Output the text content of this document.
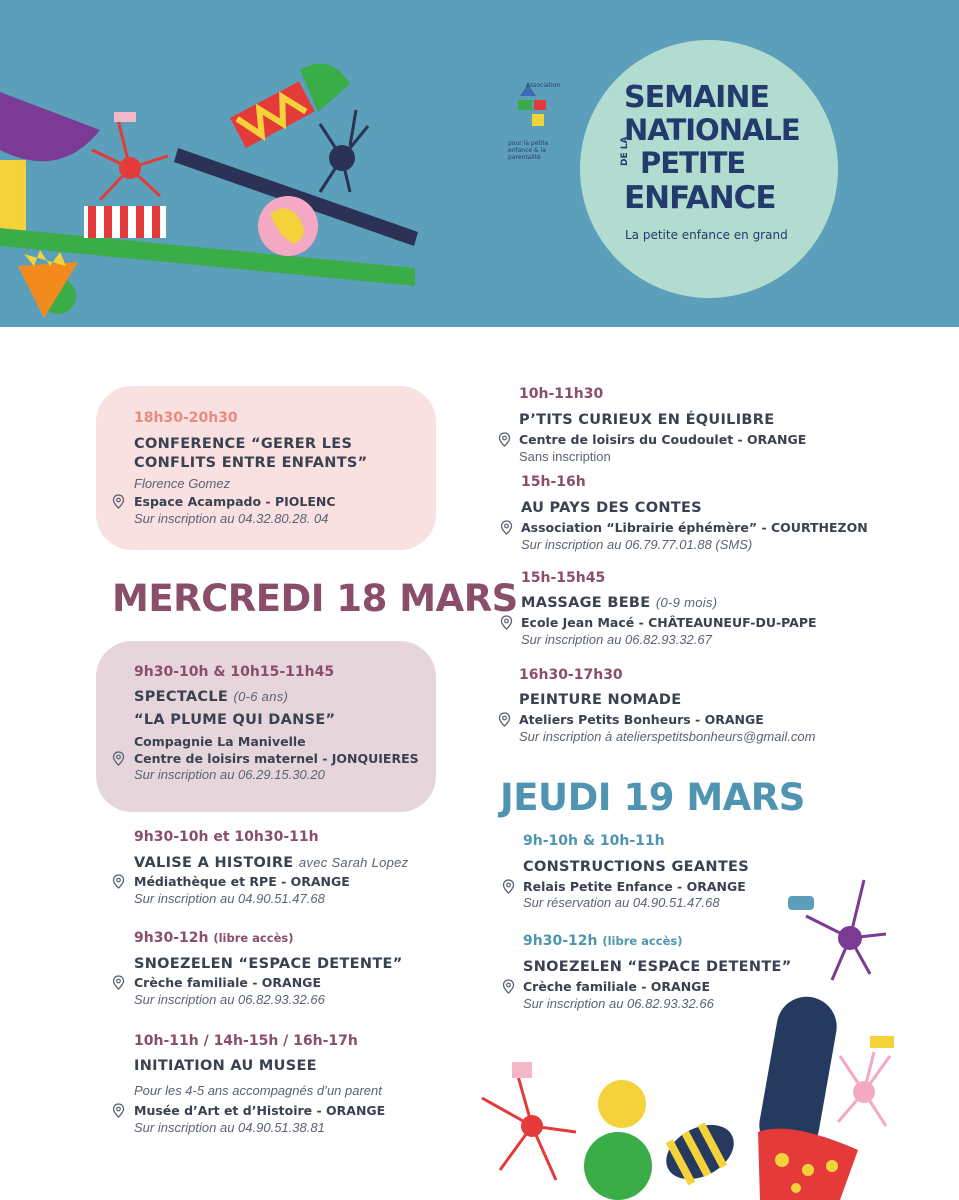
Association
pour la petite enfance & la parentalité
SEMAINE
NATIONALE
DE LA PETITE
ENFANCE
La petite enfance en grand
18h30-20h30
CONFERENCE “GERER LES
CONFLITS ENTRE ENFANTS”
Florence Gomez
Espace Acampado - PIOLENC
Sur inscription au 04.32.80.28. 04
MERCREDI 18 MARS
9h30-10h & 10h15-11h45
SPECTACLE (0-6 ans)
“LA PLUME QUI DANSE”
Compagnie La Manivelle
Centre de loisirs maternel - JONQUIERES
Sur inscription au 06.29.15.30.20
9h30-10h et 10h30-11h
VALISE A HISTOIRE avec Sarah Lopez
Médiathèque et RPE - ORANGE
Sur inscription au 04.90.51.47.68
9h30-12h (libre accès)
SNOEZELEN “ESPACE DETENTE”
Crèche familiale - ORANGE
Sur inscription au 06.82.93.32.66
10h-11h / 14h-15h / 16h-17h
INITIATION AU MUSEE
Pour les 4-5 ans accompagnés d’un parent
Musée d’Art et d’Histoire - ORANGE
Sur inscription au 04.90.51.38.81
10h-11h30
P’TITS CURIEUX EN ÉQUILIBRE
Centre de loisirs du Coudoulet - ORANGE
Sans inscription
15h-16h
AU PAYS DES CONTES
Association “Librairie éphémère” - COURTHEZON
Sur inscription au 06.79.77.01.88 (SMS)
15h-15h45
MASSAGE BEBE (0-9 mois)
Ecole Jean Macé - CHÂTEAUNEUF-DU-PAPE
Sur inscription au 06.82.93.32.67
16h30-17h30
PEINTURE NOMADE
Ateliers Petits Bonheurs - ORANGE
Sur inscription à atelierspetitsbonheurs@gmail.com
JEUDI 19 MARS
9h-10h & 10h-11h
CONSTRUCTIONS GEANTES
Relais Petite Enfance - ORANGE
Sur réservation au 04.90.51.47.68
9h30-12h (libre accès)
SNOEZELEN “ESPACE DETENTE”
Crèche familiale - ORANGE
Sur inscription au 06.82.93.32.66
